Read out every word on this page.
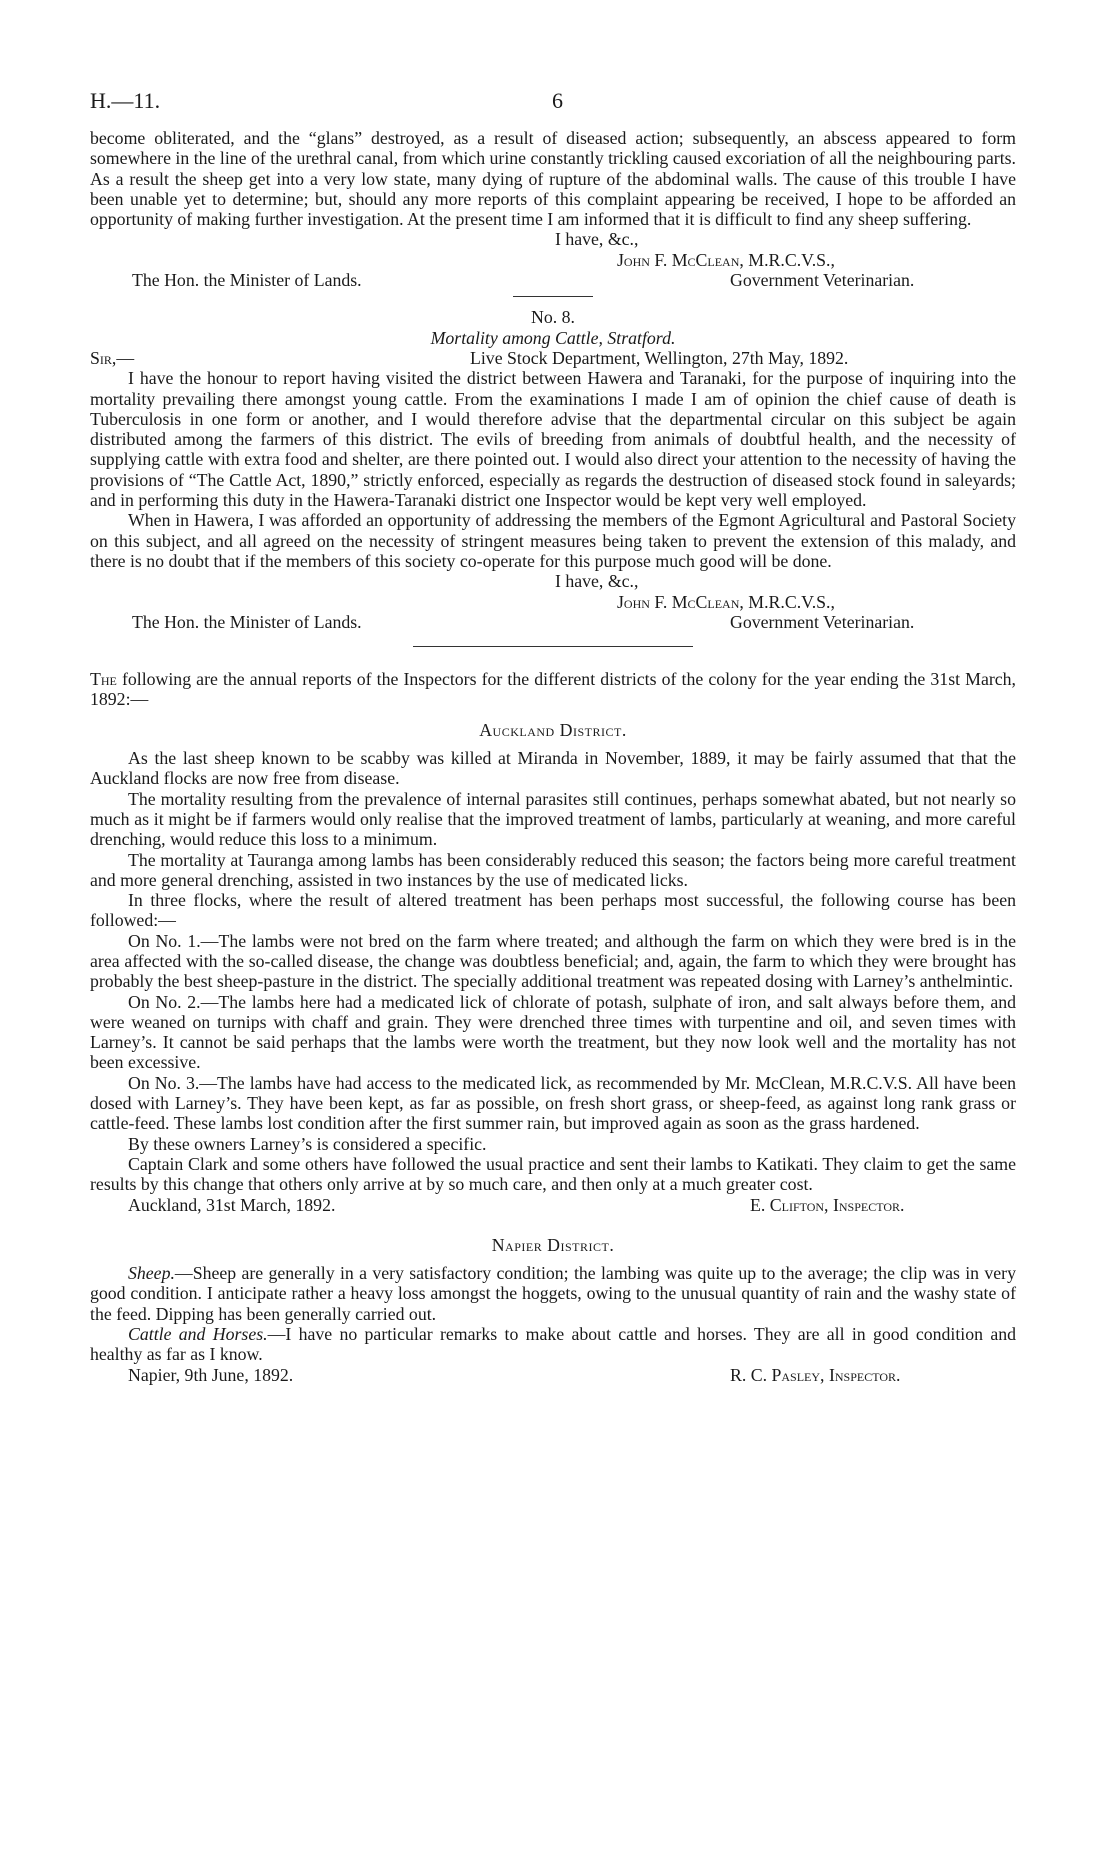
H.—11.	6

become obliterated, and the “glans” destroyed, as a result of diseased action; subsequently, an abscess appeared to form somewhere in the line of the urethral canal, from which urine constantly trickling caused excoriation of all the neighbouring parts. As a result the sheep get into a very low state, many dying of rupture of the abdominal walls. The cause of this trouble I have been unable yet to determine; but, should any more reports of this complaint appearing be received, I hope to be afforded an opportunity of making further investigation. At the present time I am informed that it is difficult to find any sheep suffering.

I have, &c.,
John F. McClean, M.R.C.V.S.,
The Hon. the Minister of Lands.	Government Veterinarian.
No. 8.
Mortality among Cattle, Stratford.
Sir,—	Live Stock Department, Wellington, 27th May, 1892.

I have the honour to report having visited the district between Hawera and Taranaki, for the purpose of inquiring into the mortality prevailing there amongst young cattle. From the examinations I made I am of opinion the chief cause of death is Tuberculosis in one form or another, and I would therefore advise that the departmental circular on this subject be again distributed among the farmers of this district. The evils of breeding from animals of doubtful health, and the necessity of supplying cattle with extra food and shelter, are there pointed out. I would also direct your attention to the necessity of having the provisions of “The Cattle Act, 1890,” strictly enforced, especially as regards the destruction of diseased stock found in saleyards; and in performing this duty in the Hawera-Taranaki district one Inspector would be kept very well employed.

When in Hawera, I was afforded an opportunity of addressing the members of the Egmont Agricultural and Pastoral Society on this subject, and all agreed on the necessity of stringent measures being taken to prevent the extension of this malady, and there is no doubt that if the members of this society co-operate for this purpose much good will be done.

I have, &c.,
John F. McClean, M.R.C.V.S.,
The Hon. the Minister of Lands.	Government Veterinarian.

The following are the annual reports of the Inspectors for the different districts of the colony for the year ending the 31st March, 1892:—

Auckland District.

As the last sheep known to be scabby was killed at Miranda in November, 1889, it may be fairly assumed that that the Auckland flocks are now free from disease.

The mortality resulting from the prevalence of internal parasites still continues, perhaps somewhat abated, but not nearly so much as it might be if farmers would only realise that the improved treatment of lambs, particularly at weaning, and more careful drenching, would reduce this loss to a minimum.

The mortality at Tauranga among lambs has been considerably reduced this season; the factors being more careful treatment and more general drenching, assisted in two instances by the use of medicated licks.

In three flocks, where the result of altered treatment has been perhaps most successful, the following course has been followed:—

On No. 1.—The lambs were not bred on the farm where treated; and although the farm on which they were bred is in the area affected with the so-called disease, the change was doubtless beneficial; and, again, the farm to which they were brought has probably the best sheep-pasture in the district. The specially additional treatment was repeated dosing with Larney’s anthelmintic.

On No. 2.—The lambs here had a medicated lick of chlorate of potash, sulphate of iron, and salt always before them, and were weaned on turnips with chaff and grain. They were drenched three times with turpentine and oil, and seven times with Larney’s. It cannot be said perhaps that the lambs were worth the treatment, but they now look well and the mortality has not been excessive.

On No. 3.—The lambs have had access to the medicated lick, as recommended by Mr. McClean, M.R.C.V.S. All have been dosed with Larney’s. They have been kept, as far as possible, on fresh short grass, or sheep-feed, as against long rank grass or cattle-feed. These lambs lost condition after the first summer rain, but improved again as soon as the grass hardened.

By these owners Larney’s is considered a specific.

Captain Clark and some others have followed the usual practice and sent their lambs to Katikati. They claim to get the same results by this change that others only arrive at by so much care, and then only at a much greater cost.

Auckland, 31st March, 1892.	E. Clifton, Inspector.
Napier District.

Sheep.—Sheep are generally in a very satisfactory condition; the lambing was quite up to the average; the clip was in very good condition. I anticipate rather a heavy loss amongst the hoggets, owing to the unusual quantity of rain and the washy state of the feed. Dipping has been generally carried out.

Cattle and Horses.—I have no particular remarks to make about cattle and horses. They are all in good condition and healthy as far as I know.

Napier, 9th June, 1892.	R. C. Pasley, Inspector.
